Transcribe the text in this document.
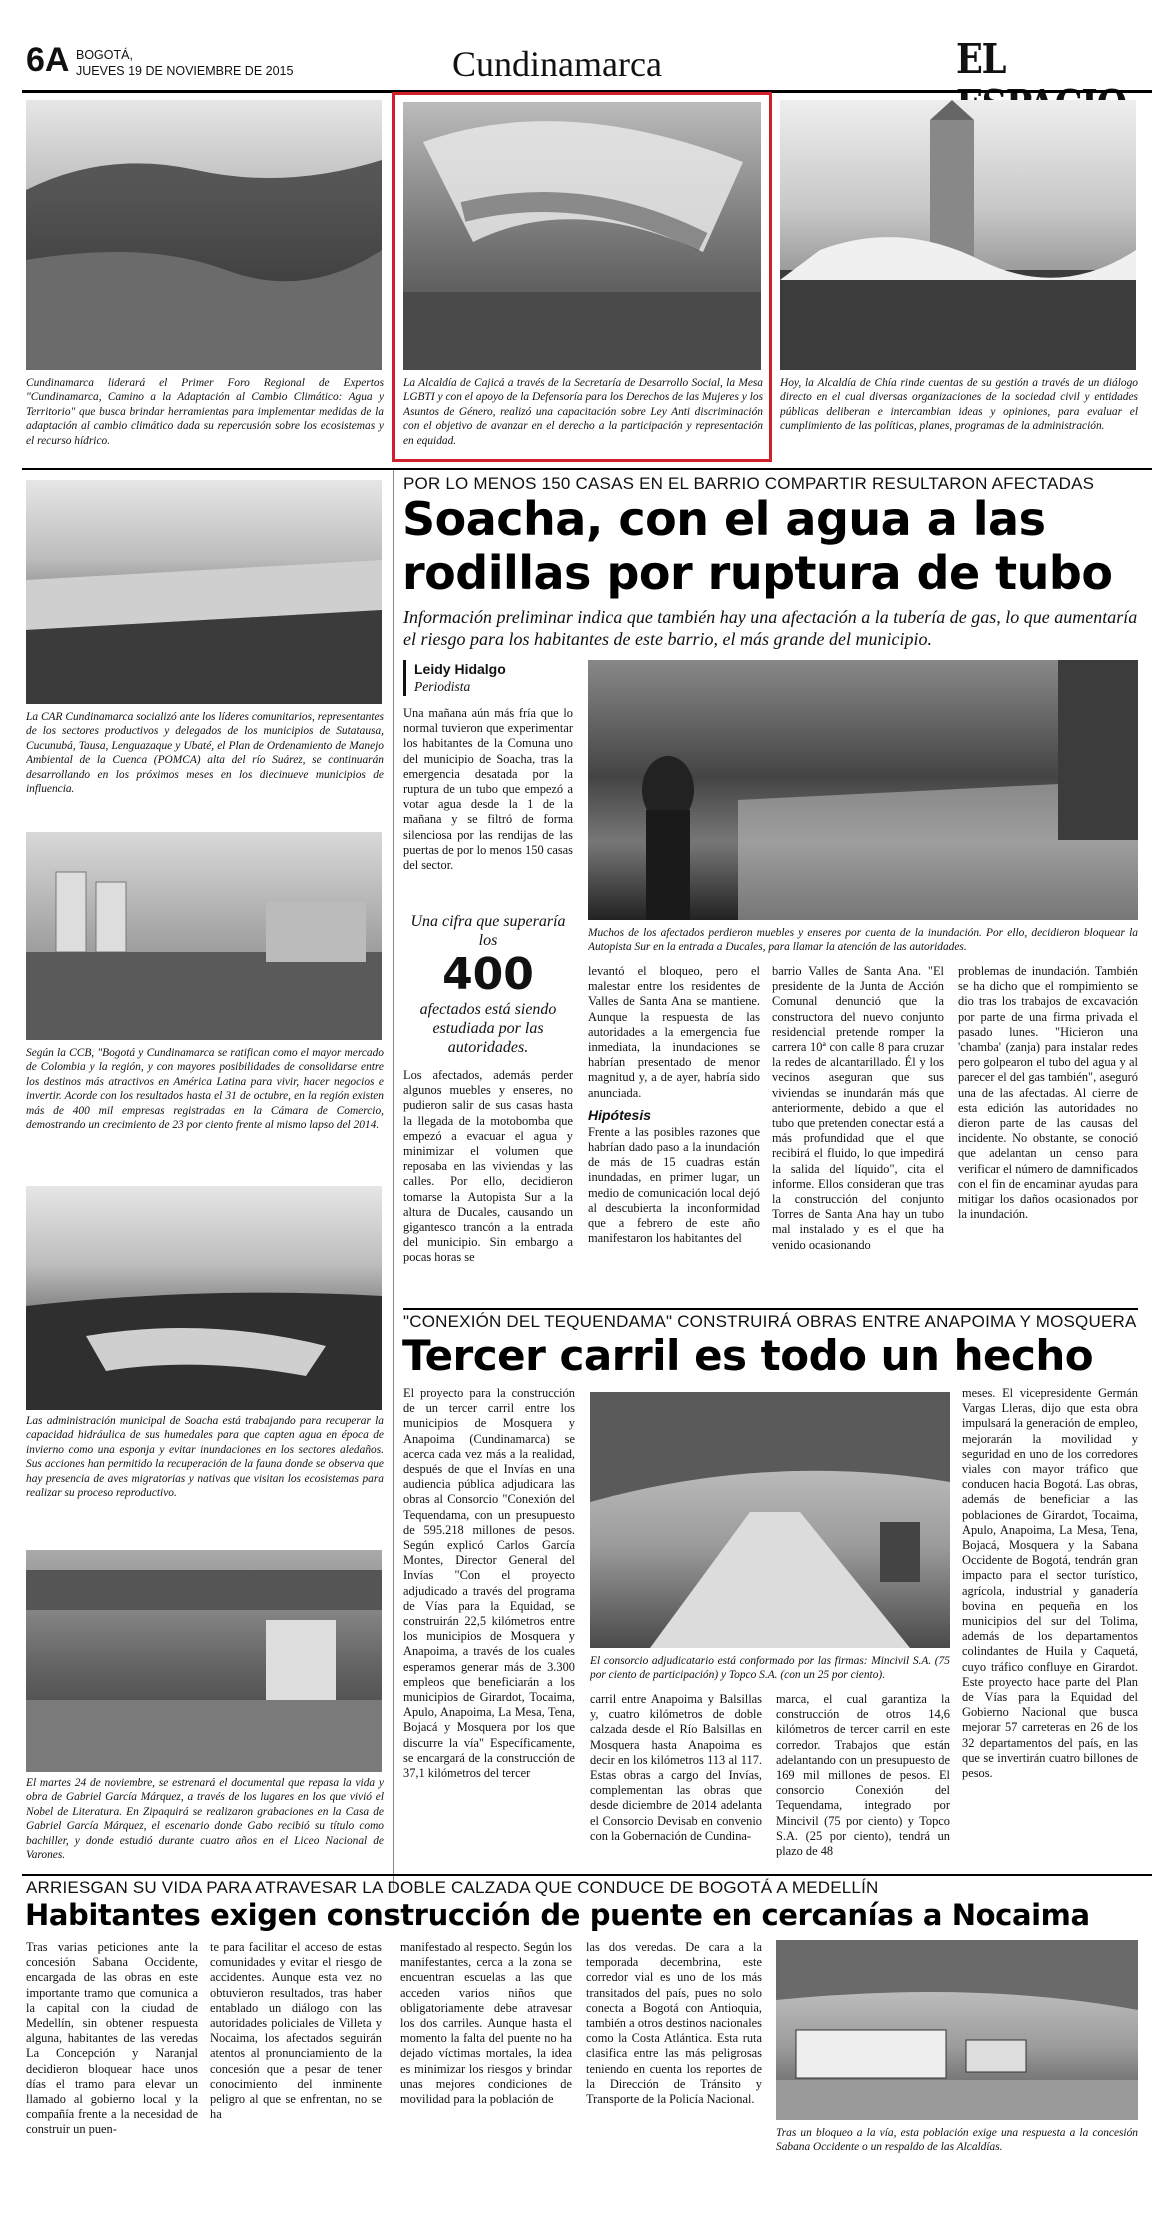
6A BOGOTÁ,
JUEVES 19 DE NOVIEMBRE DE 2015	Cundinamarca	EL
Cundinamarca liderará el Primer Foro Regional de Expertos "Cundinamarca, Camino a la Adaptación al Cambio Climático: Agua y Territorio" que busca brindar herramientas para implementar medidas de la adaptación al cambio climático dada su repercusión sobre los ecosistemas y el recurso hídrico.
La Alcaldía de Cajicá a través de la Secretaría de Desarrollo Social, la Mesa LGBTI y con el apoyo de la Defensoría para los Derechos de las Mujeres y los Asuntos de Género, realizó una capacitación sobre Ley Anti discriminación con el objetivo de avanzar en el derecho a la participación y representación en equidad.
Hoy, la Alcaldía de Chía rinde cuentas de su gestión a través de un diálogo directo en el cual diversas organizaciones de la sociedad civil y entidades públicas deliberan e intercambian ideas y opiniones, para evaluar el cumplimiento de las políticas, planes, programas de la administración.
La CAR Cundinamarca socializó ante los líderes comunitarios, representantes de los sectores productivos y delegados de los municipios de Sutatausa, Cucunubá, Tausa, Lenguazaque y Ubaté, el Plan de Ordenamiento de Manejo Ambiental de la Cuenca (POMCA) alta del río Suárez, se continuarán desarrollando en los próximos meses en los diecinueve municipios de influencia.
Según la CCB, "Bogotá y Cundinamarca se ratifican como el mayor mercado de Colombia y la región, y con mayores posibilidades de consolidarse entre los destinos más atractivos en América Latina para vivir, hacer negocios e invertir. Acorde con los resultados hasta el 31 de octubre, en la región existen más de 400 mil empresas registradas en la Cámara de Comercio, demostrando un crecimiento de 23 por ciento frente al mismo lapso del 2014.
Las administración municipal de Soacha está trabajando para recuperar la capacidad hidráulica de sus humedales para que capten agua en época de invierno como una esponja y evitar inundaciones en los sectores aledaños. Sus acciones han permitido la recuperación de la fauna donde se observa que hay presencia de aves migratorias y nativas que visitan los ecosistemas para realizar su proceso reproductivo.
El martes 24 de noviembre, se estrenará el documental que repasa la vida y obra de Gabriel García Márquez, a través de los lugares en los que vivió el Nobel de Literatura. En Zipaquirá se realizaron grabaciones en la Casa de Gabriel García Márquez, el escenario donde Gabo recibió su título como bachiller, y donde estudió durante cuatro años en el Liceo Nacional de Varones.
POR LO MENOS 150 CASAS EN EL BARRIO COMPARTIR RESULTARON AFECTADAS
Soacha, con el agua a las
rodillas por ruptura de tubo
Información preliminar indica que también hay una afectación a la tubería de gas, lo que aumentaría el riesgo para los habitantes de este barrio, el más grande del municipio.
Leidy Hidalgo
Periodista
Una mañana aún más fría que lo normal tuvieron que experimentar los habitantes de la Comuna uno del municipio de Soacha, tras la emergencia desatada por la ruptura de un tubo que empezó a votar agua desde la 1 de la mañana y se filtró de forma silenciosa por las rendijas de las puertas de por lo menos 150 casas del sector.
Muchos de los afectados perdieron muebles y enseres por cuenta de la inundación. Por ello, decidieron bloquear la Autopista Sur en la entrada a Ducales, para llamar la atención de las autoridades.
Una cifra que superaría los
400
afectados está siendo estudiada por las autoridades.
Los afectados, además perder algunos muebles y enseres, no pudieron salir de sus casas hasta la llegada de la motobomba que empezó a evacuar el agua y minimizar el volumen que reposaba en las viviendas y las calles. Por ello, decidieron tomarse la Autopista Sur a la altura de Ducales, causando un gigantesco trancón a la entrada del municipio. Sin embargo a pocas horas se
levantó el bloqueo, pero el malestar entre los residentes de Valles de Santa Ana se mantiene. Aunque la respuesta de las autoridades a la emergencia fue inmediata, la inundaciones se habrían presentado de menor magnitud y, a de ayer, habría sido anunciada.
Hipótesis
Frente a las posibles razones que habrían dado paso a la inundación de más de 15 cuadras están inundadas, en primer lugar, un medio de comunicación local dejó al descubierta la inconformidad que a febrero de este año manifestaron los habitantes del
barrio Valles de Santa Ana. "El presidente de la Junta de Acción Comunal denunció que la constructora del nuevo conjunto residencial pretende romper la carrera 10ª con calle 8 para cruzar la redes de alcantarillado. Él y los vecinos aseguran que sus viviendas se inundarán más que anteriormente, debido a que el tubo que pretenden conectar está a más profundidad que el que recibirá el fluido, lo que impedirá la salida del líquido", cita el informe. Ellos consideran que tras la construcción del conjunto Torres de Santa Ana hay un tubo mal instalado y es el que ha venido ocasionando
problemas de inundación. También se ha dicho que el rompimiento se dio tras los trabajos de excavación por parte de una firma privada el pasado lunes. "Hicieron una 'chamba' (zanja) para instalar redes pero golpearon el tubo del agua y al parecer el del gas también", aseguró una de las afectadas. Al cierre de esta edición las autoridades no dieron parte de las causas del incidente. No obstante, se conoció que adelantan un censo para verificar el número de damnificados con el fin de encaminar ayudas para mitigar los daños ocasionados por la inundación.
"CONEXIÓN DEL TEQUENDAMA" CONSTRUIRÁ OBRAS ENTRE ANAPOIMA Y MOSQUERA
Tercer carril es todo un hecho
El proyecto para la construcción de un tercer carril entre los municipios de Mosquera y Anapoima (Cundinamarca) se acerca cada vez más a la realidad, después de que el Invías en una audiencia pública adjudicara las obras al Consorcio "Conexión del Tequendama, con un presupuesto de 595.218 millones de pesos. Según explicó Carlos García Montes, Director General del Invías "Con el proyecto adjudicado a través del programa de Vías para la Equidad, se construirán 22,5 kilómetros entre los municipios de Mosquera y Anapoima, a través de los cuales esperamos generar más de 3.300 empleos que beneficiarán a los municipios de Girardot, Tocaima, Apulo, Anapoima, La Mesa, Tena, Bojacá y Mosquera por los que discurre la vía" Específicamente, se encargará de la construcción de 37,1 kilómetros del tercer
El consorcio adjudicatario está conformado por las firmas: Mincivil S.A. (75 por ciento de participación) y Topco S.A. (con un 25 por ciento).
carril entre Anapoima y Balsillas y, cuatro kilómetros de doble calzada desde el Río Balsillas en Mosquera hasta Anapoima es decir en los kilómetros 113 al 117. Estas obras a cargo del Invías, complementan las obras que desde diciembre de 2014 adelanta el Consorcio Devisab en convenio con la Gobernación de Cundina-
marca, el cual garantiza la construcción de otros 14,6 kilómetros de tercer carril en este corredor. Trabajos que están adelantando con un presupuesto de 169 mil millones de pesos. El consorcio Conexión del Tequendama, integrado por Mincivil (75 por ciento) y Topco S.A. (25 por ciento), tendrá un plazo de 48
meses. El vicepresidente Germán Vargas Lleras, dijo que esta obra impulsará la generación de empleo, mejorarán la movilidad y seguridad en uno de los corredores viales con mayor tráfico que conducen hacia Bogotá. Las obras, además de beneficiar a las poblaciones de Girardot, Tocaima, Apulo, Anapoima, La Mesa, Tena, Bojacá, Mosquera y la Sabana Occidente de Bogotá, tendrán gran impacto para el sector turístico, agrícola, industrial y ganadería bovina en pequeña en los municipios del sur del Tolima, además de los departamentos colindantes de Huila y Caquetá, cuyo tráfico confluye en Girardot. Este proyecto hace parte del Plan de Vías para la Equidad del Gobierno Nacional que busca mejorar 57 carreteras en 26 de los 32 departamentos del país, en las que se invertirán cuatro billones de pesos.
ARRIESGAN SU VIDA PARA ATRAVESAR LA DOBLE CALZADA QUE CONDUCE DE BOGOTÁ A MEDELLÍN
Habitantes exigen construcción de puente en cercanías a Nocaima
Tras varias peticiones ante la concesión Sabana Occidente, encargada de las obras en este importante tramo que comunica a la capital con la ciudad de Medellín, sin obtener respuesta alguna, habitantes de las veredas La Concepción y Naranjal decidieron bloquear hace unos días el tramo para elevar un llamado al gobierno local y la compañía frente a la necesidad de construir un puen-
te para facilitar el acceso de estas comunidades y evitar el riesgo de accidentes. Aunque esta vez no obtuvieron resultados, tras haber entablado un diálogo con las autoridades policiales de Villeta y Nocaima, los afectados seguirán atentos al pronunciamiento de la concesión que a pesar de tener conocimiento del inminente peligro al que se enfrentan, no se ha
manifestado al respecto. Según los manifestantes, cerca a la zona se encuentran escuelas a las que acceden varios niños que obligatoriamente debe atravesar los dos carriles. Aunque hasta el momento la falta del puente no ha dejado víctimas mortales, la idea es minimizar los riesgos y brindar unas mejores condiciones de movilidad para la población de
las dos veredas. De cara a la temporada decembrina, este corredor vial es uno de los más transitados del país, pues no solo conecta a Bogotá con Antioquia, también a otros destinos nacionales como la Costa Atlántica. Esta ruta clasifica entre las más peligrosas teniendo en cuenta los reportes de la Dirección de Tránsito y Transporte de la Policía Nacional.
Tras un bloqueo a la vía, esta población exige una respuesta a la concesión Sabana Occidente o un respaldo de las Alcaldías.
